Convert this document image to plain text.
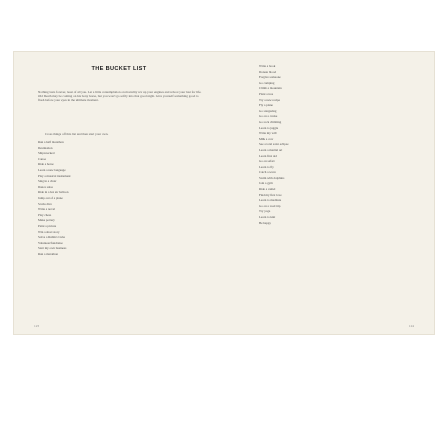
THE BUCKET LIST

Nothing lasts forever, least of all you. Let a little contemplation on mortality rev up your engines and reboot your lust for life. Old Death may be coming on his bony horse, but you won't go softly into that good night. Give yourself something good to flash before your eyes in the ultimate moment.

Cross things off this list and then start your own.

Run a half marathon
Destination
Shipwrecked
Canoe
Ride a horse
Learn a new language
Play a musical instrument
Sing in a choir
Dance salsa
Ride in a hot air balloon
Jump out of a plane
Scuba dive
Write a novel
Play chess
Make pottery
Paint a picture
Win a short story
Solve a Rubik's Cube
Volunteer/fundraise
Start my own business
Run a marathon
123
Write a book
Donate blood
Forgive someone
Go camping
Climb a mountain
Plant a tree
Try a new recipe
Fly a plane
Go stargazing
Go on a cruise
Go rock climbing
Learn to juggle
Write my will
Milk a cow
See a total solar eclipse
Learn a martial art
Learn first aid
Go on safari
Learn to fly
Catch a wave
Swim with dolphins
Join a gym
Ride a camel
Find my first love
Learn to meditate
Go on a road trip
Try yoga
Learn to knit
Be happy
124
